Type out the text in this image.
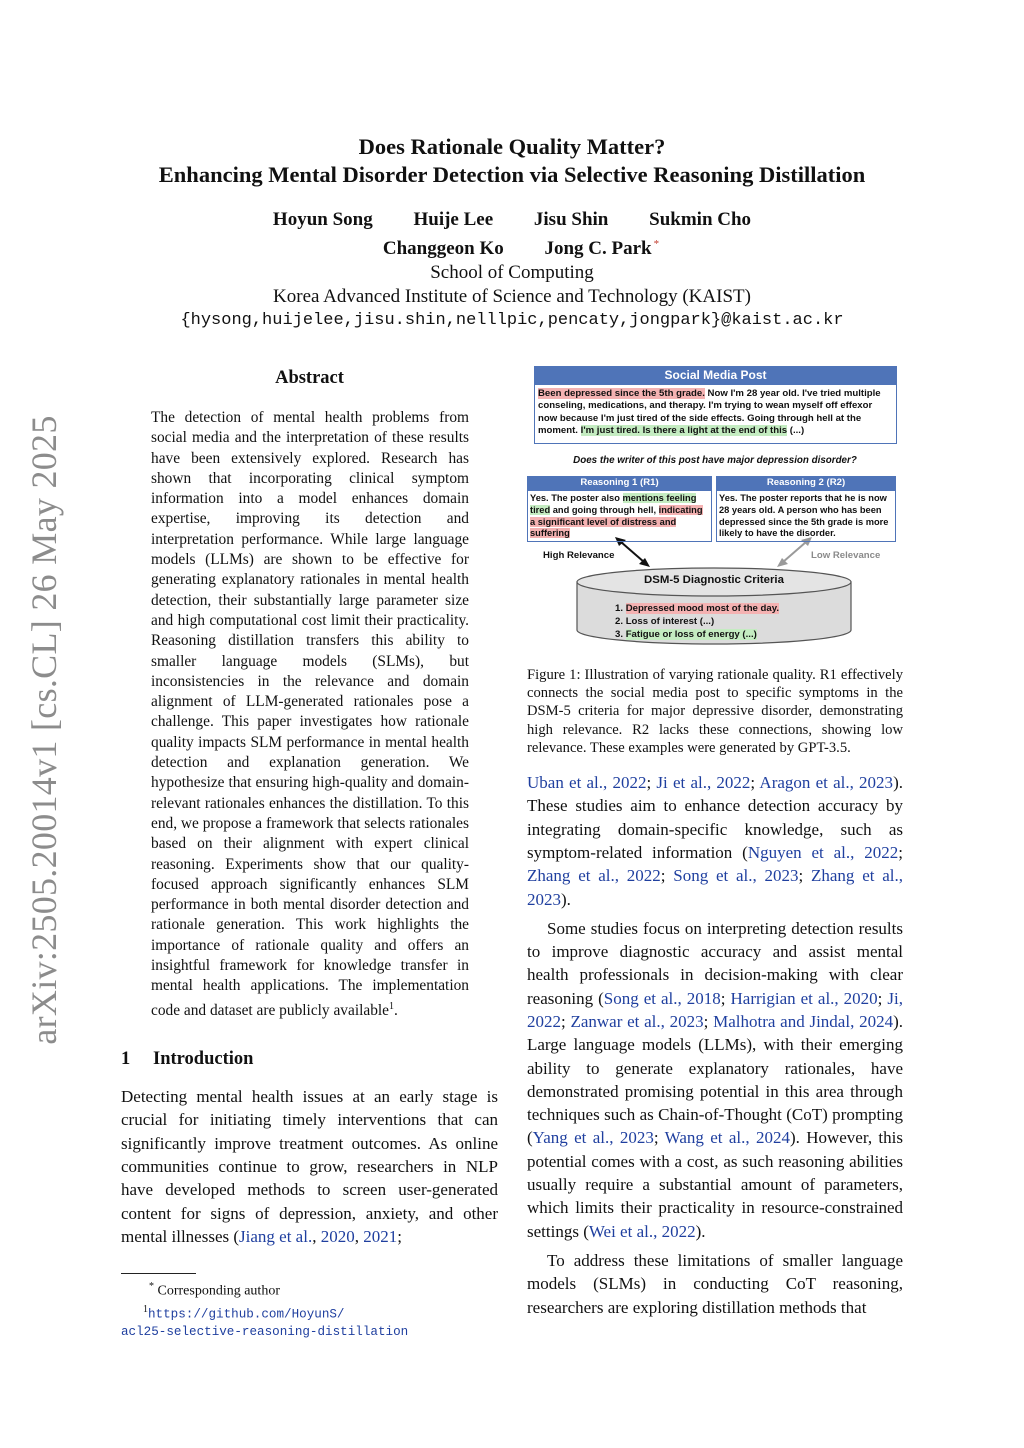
arXiv:2505.20014v1 [cs.CL] 26 May 2025
Does Rationale Quality Matter?
Enhancing Mental Disorder Detection via Selective Reasoning Distillation
Hoyun Song Huije Lee Jisu Shin Sukmin Cho
Changgeon Ko Jong C. Park *
School of Computing
Korea Advanced Institute of Science and Technology (KAIST)
{hysong,huijelee,jisu.shin,nelllpic,pencaty,jongpark}@kaist.ac.kr
Abstract

The detection of mental health problems from social media and the interpretation of these results have been extensively explored. Research has shown that incorporating clinical symptom information into a model enhances domain expertise, improving its detection and interpretation performance. While large language models (LLMs) are shown to be effective for generating explanatory rationales in mental health detection, their substantially large parameter size and high computational cost limit their practicality. Reasoning distillation transfers this ability to smaller language models (SLMs), but inconsistencies in the relevance and domain alignment of LLM-generated rationales pose a challenge. This paper investigates how rationale quality impacts SLM performance in mental health detection and explanation generation. We hypothesize that ensuring high-quality and domain-relevant rationales enhances the distillation. To this end, we propose a framework that selects rationales based on their alignment with expert clinical reasoning. Experiments show that our quality-focused approach significantly enhances SLM performance in both mental disorder detection and rationale generation. This work highlights the importance of rationale quality and offers an insightful framework for knowledge transfer in mental health applications. The implementation code and dataset are publicly available$^1$.

1 Introduction

Detecting mental health issues at an early stage is crucial for initiating timely interventions that can significantly improve treatment outcomes. As online communities continue to grow, researchers in NLP have developed methods to screen user-generated content for signs of depression, anxiety, and other mental illnesses (Jiang et al., 2020, 2021;

* Corresponding author
$^1$https://github.com/HoyunS/
acl25-selective-reasoning-distillation
Social Media Post
Been depressed since the 5th grade. Now I'm 28 year old. I've tried multiple conseling, medications, and therapy. I'm trying to wean myself off effexor now because I'm just tired of the side effects. Going through hell at the moment. I'm just tired. Is there a light at the end of this (...)
Does the writer of this post have major depression disorder?
Reasoning 1 (R1)
Yes. The poster also mentions feeling tired and going through hell, indicating a significant level of distress and suffering
Reasoning 2 (R2)
Yes. The poster reports that he is now 28 years old. A person who has been depressed since the 5th grade is more likely to have the disorder.
High Relevance	Low Relevance
DSM-5 Diagnostic Criteria
1. Depressed mood most of the day.
2. Loss of interest (...)
3. Fatigue or loss of energy (...)

Figure 1: Illustration of varying rationale quality. R1 effectively connects the social media post to specific symptoms in the DSM-5 criteria for major depressive disorder, demonstrating high relevance. R2 lacks these connections, showing low relevance. These examples were generated by GPT-3.5.

Uban et al., 2022; Ji et al., 2022; Aragon et al., 2023). These studies aim to enhance detection accuracy by integrating domain-specific knowledge, such as symptom-related information (Nguyen et al., 2022; Zhang et al., 2022; Song et al., 2023; Zhang et al., 2023).

Some studies focus on interpreting detection results to improve diagnostic accuracy and assist mental health professionals in decision-making with clear reasoning (Song et al., 2018; Harrigian et al., 2020; Ji, 2022; Zanwar et al., 2023; Malhotra and Jindal, 2024). Large language models (LLMs), with their emerging ability to generate explanatory rationales, have demonstrated promising potential in this area through techniques such as Chain-of-Thought (CoT) prompting (Yang et al., 2023; Wang et al., 2024). However, this potential comes with a cost, as such reasoning abilities usually require a substantial amount of parameters, which limits their practicality in resource-constrained settings (Wei et al., 2022).

To address these limitations of smaller language models (SLMs) in conducting CoT reasoning, researchers are exploring distillation methods that
